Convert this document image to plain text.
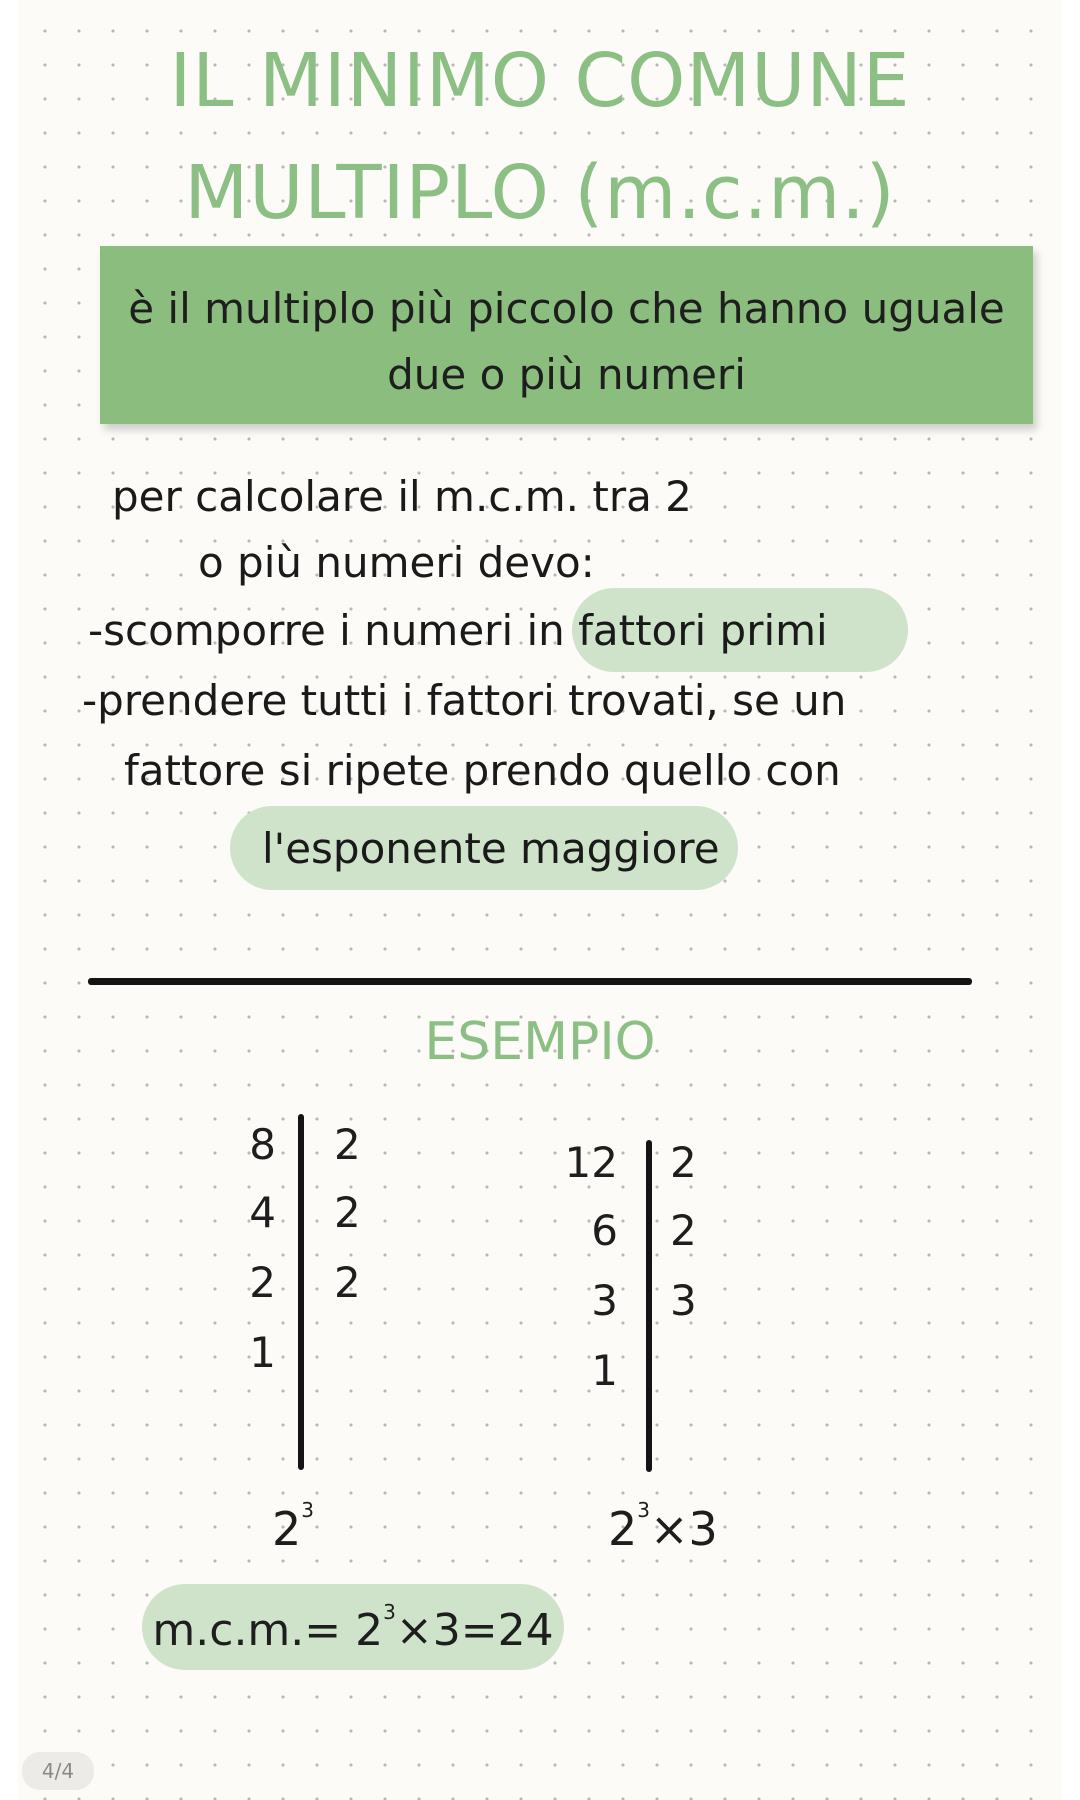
IL MINIMO COMUNE
MULTIPLO (m.c.m.)
è il multiplo più piccolo che hanno uguale
due o più numeri
per calcolare il m.c.m. tra 2
o più numeri devo:
-scomporre i numeri in fattori primi
-prendere tutti i fattori trovati, se un
fattore si ripete prendo quello con
l'esponente maggiore
ESEMPIO
8
4
2
1
2
2
2
$2^3$
12
6
3
1
2
2
3
$2^3\times 3$
$m.c.m.= 2^3\times 3=24$
4/4
